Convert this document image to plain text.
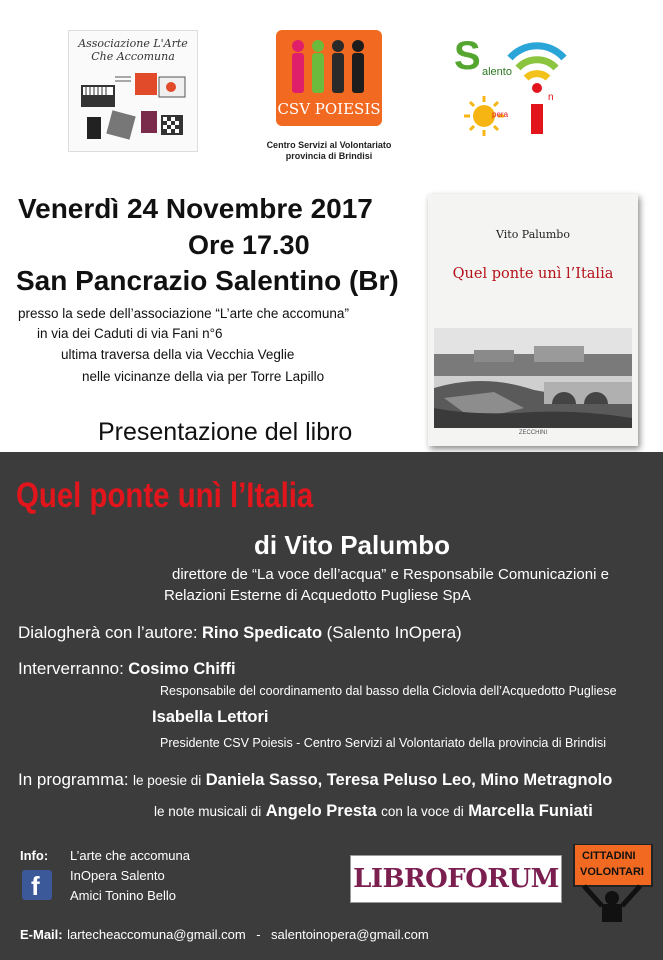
Associazione L'Arte Che Accomuna
CSV POIESIS
Centro Servizi al Volontariato
provincia di Brindisi
S alento
pera
n
Venerdì 24 Novembre 2017
Ore 17.30
San Pancrazio Salentino (Br)
presso la sede dell’associazione “L’arte che accomuna”
in via dei Caduti di via Fani n°6
ultima traversa della via Vecchia Veglie
nelle vicinanze della via per Torre Lapillo
Presentazione del libro
Vito Palumbo
Quel ponte unì l’Italia
ZECCHINI
Quel ponte unì l’Italia
di Vito Palumbo
direttore de “La voce dell’acqua” e Responsabile Comunicazioni e
Relazioni Esterne di Acquedotto Pugliese SpA
Dialogherà con l’autore: Rino Spedicato (Salento InOpera)
Interverranno: Cosimo Chiffi
Responsabile del coordinamento dal basso della Ciclovia dell’Acquedotto Pugliese
Isabella Lettori
Presidente CSV Poiesis - Centro Servizi al Volontariato della provincia di Brindisi
In programma: le poesie di Daniela Sasso, Teresa Peluso Leo, Mino Metragnolo
le note musicali di Angelo Presta con la voce di Marcella Funiati
Info:
f
L’arte che accomuna
InOpera Salento
Amici Tonino Bello
E-Mail: lartecheaccomuna@gmail.com - salentoinopera@gmail.com
LIBROFORUM
CITTADINI
VOLONTARI
